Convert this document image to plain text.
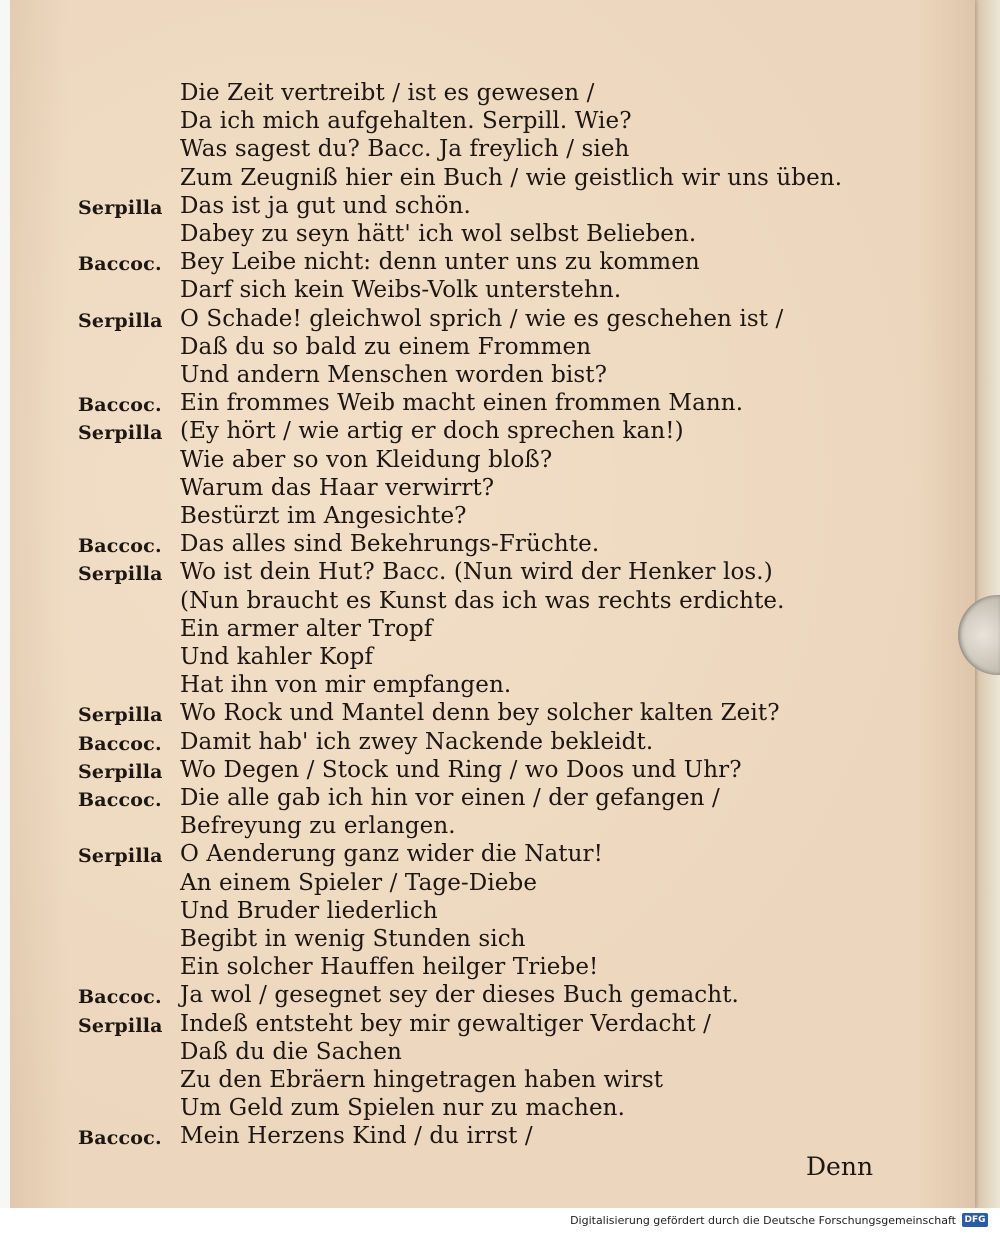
Die Zeit vertreibt / ist es gewesen /
Da ich mich aufgehalten. Serpill. Wie?
Was sagest du? Bacc. Ja freylich / sieh
Zum Zeugniß hier ein Buch / wie geistlich wir uns üben.
Serpilla Das ist ja gut und schön.
Dabey zu seyn hätt' ich wol selbst Belieben.
Baccoc. Bey Leibe nicht: denn unter uns zu kommen
Darf sich kein Weibs-Volk unterstehn.
Serpilla O Schade! gleichwol sprich / wie es geschehen ist /
Daß du so bald zu einem Frommen
Und andern Menschen worden bist?
Baccoc. Ein frommes Weib macht einen frommen Mann.
Serpilla (Ey hört / wie artig er doch sprechen kan!)
Wie aber so von Kleidung bloß?
Warum das Haar verwirrt?
Bestürzt im Angesichte?
Baccoc. Das alles sind Bekehrungs-Früchte.
Serpilla Wo ist dein Hut? Bacc. (Nun wird der Henker los.)
(Nun braucht es Kunst das ich was rechts erdichte.
Ein armer alter Tropf
Und kahler Kopf
Hat ihn von mir empfangen.
Serpilla Wo Rock und Mantel denn bey solcher kalten Zeit?
Baccoc. Damit hab' ich zwey Nackende bekleidt.
Serpilla Wo Degen / Stock und Ring / wo Doos und Uhr?
Baccoc. Die alle gab ich hin vor einen / der gefangen /
Befreyung zu erlangen.
Serpilla O Aenderung ganz wider die Natur!
An einem Spieler / Tage-Diebe
Und Bruder liederlich
Begibt in wenig Stunden sich
Ein solcher Hauffen heilger Triebe!
Baccoc. Ja wol / gesegnet sey der dieses Buch gemacht.
Serpilla Indeß entsteht bey mir gewaltiger Verdacht /
Daß du die Sachen
Zu den Ebräern hingetragen haben wirst
Um Geld zum Spielen nur zu machen.
Baccoc. Mein Herzens Kind / du irrst /
Denn
Digitalisierung gefördert durch die Deutsche Forschungsgemeinschaft DFG
